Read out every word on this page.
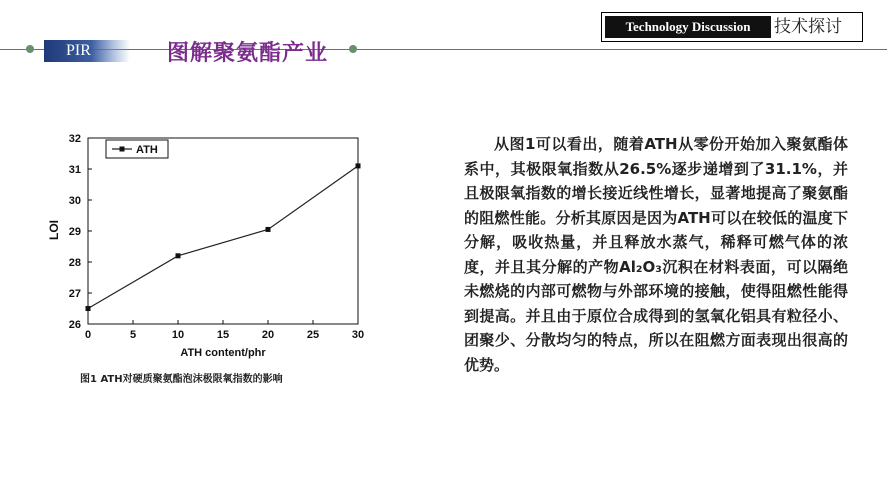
PIR	图解聚氨酯产业
Technology Discussion	技术探讨
0	5	10	15	20	25	30
26
27
28
29
30
31
32
ATH
ATH content/phr
LOI
图1 ATH对硬质聚氨酯泡沫极限氧指数的影响

从图1可以看出，随着ATH从零份开始加入聚氨酯体系中，其极限氧指数从26.5%逐步递增到了31.1%，并且极限氧指数的增长接近线性增长，显著地提高了聚氨酯的阻燃性能。分析其原因是因为ATH可以在较低的温度下分解，吸收热量，并且释放水蒸气，稀释可燃气体的浓度，并且其分解的产物Al₂O₃沉积在材料表面，可以隔绝未燃烧的内部可燃物与外部环境的接触，使得阻燃性能得到提高。并且由于原位合成得到的氢氧化铝具有粒径小、团聚少、分散均匀的特点，所以在阻燃方面表现出很高的优势。
